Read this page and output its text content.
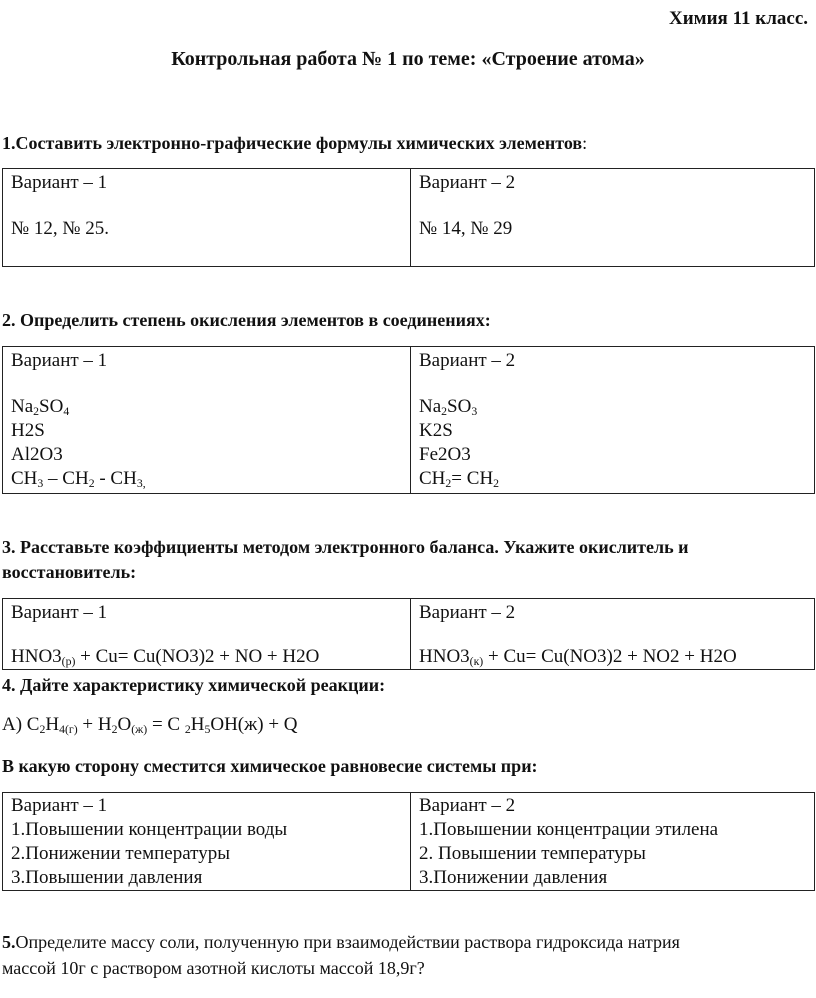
Химия 11 класс.
Контрольная работа № 1 по теме: «Строение атома»
1.Составить электронно-графические формулы химических элементов:
Вариант – 1
№ 12, № 25.

Вариант – 2
№ 14, № 29
2. Определить степень окисления элементов в соединениях:
Вариант – 1
$Na_2SO_4$
H2S
Al2O3
$CH_3 - CH_2 - CH_{3,}$

Вариант – 2
$Na_2SO_3$
K2S
Fe2O3
$CH_2= CH_2$
3. Расставьте коэффициенты методом электронного баланса. Укажите окислитель и
восстановитель:
Вариант – 1
$HNO3_{(р)} + Cu= Cu(NO3)2$ + NO + H2O

Вариант – 2
$HNO3_{(к)} + Cu= Cu(NO3)2 + NO2 + H2O$
4. Дайте характеристику химической реакции:
А) $C_2H_{4(г)} + H_2O_{(ж)} = C$ $_2H_5OH(ж) + Q$
В какую сторону сместится химическое равновесие системы при:
Вариант – 1
1.Повышении концентрации воды
2.Понижении температуры
3.Повышении давления

Вариант – 2
1.Повышении концентрации этилена
2. Повышении температуры
3.Понижении давления
5.Определите массу соли, полученную при взаимодействии раствора гидроксида натрия
массой 10г с раствором азотной кислоты массой 18,9г?
